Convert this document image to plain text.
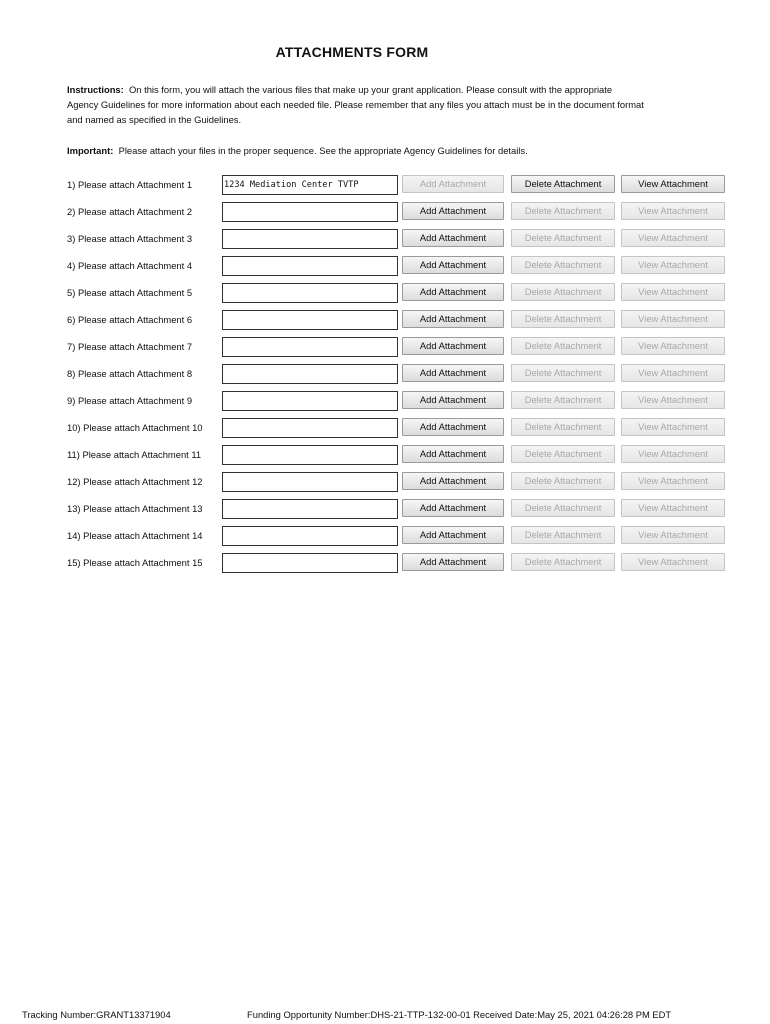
ATTACHMENTS FORM
Instructions: On this form, you will attach the various files that make up your grant application. Please consult with the appropriate
Agency Guidelines for more information about each needed file. Please remember that any files you attach must be in the document format
and named as specified in the Guidelines.
Important: Please attach your files in the proper sequence. See the appropriate Agency Guidelines for details.
1) Please attach Attachment 1	1234 Mediation Center TVTP	Add Attachment	Delete Attachment	View Attachment
2) Please attach Attachment 2	Add Attachment	Delete Attachment	View Attachment
3) Please attach Attachment 3	Add Attachment	Delete Attachment	View Attachment
4) Please attach Attachment 4	Add Attachment	Delete Attachment	View Attachment
5) Please attach Attachment 5	Add Attachment	Delete Attachment	View Attachment
6) Please attach Attachment 6	Add Attachment	Delete Attachment	View Attachment
7) Please attach Attachment 7	Add Attachment	Delete Attachment	View Attachment
8) Please attach Attachment 8	Add Attachment	Delete Attachment	View Attachment
9) Please attach Attachment 9	Add Attachment	Delete Attachment	View Attachment
10) Please attach Attachment 10	Add Attachment	Delete Attachment	View Attachment
11) Please attach Attachment 11	Add Attachment	Delete Attachment	View Attachment
12) Please attach Attachment 12	Add Attachment	Delete Attachment	View Attachment
13) Please attach Attachment 13	Add Attachment	Delete Attachment	View Attachment
14) Please attach Attachment 14	Add Attachment	Delete Attachment	View Attachment
15) Please attach Attachment 15	Add Attachment	Delete Attachment	View Attachment
Tracking Number:GRANT13371904	Funding Opportunity Number:DHS-21-TTP-132-00-01 Received Date:May 25, 2021 04:26:28 PM EDT
